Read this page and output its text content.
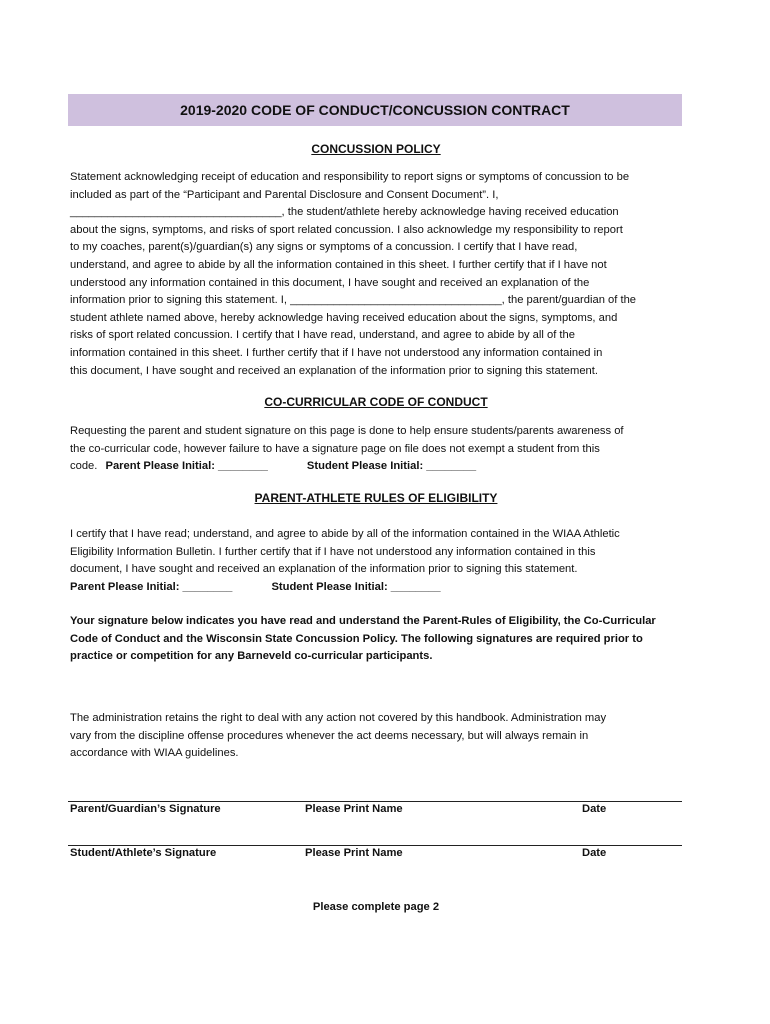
2019-2020 CODE OF CONDUCT/CONCUSSION CONTRACT
CONCUSSION POLICY
Statement acknowledging receipt of education and responsibility to report signs or symptoms of concussion to be
included as part of the “Participant and Parental Disclosure and Consent Document”. I,
__________________________________, the student/athlete hereby acknowledge having received education
about the signs, symptoms, and risks of sport related concussion. I also acknowledge my responsibility to report
to my coaches, parent(s)/guardian(s) any signs or symptoms of a concussion. I certify that I have read,
understand, and agree to abide by all the information contained in this sheet. I further certify that if I have not
understood any information contained in this document, I have sought and received an explanation of the
information prior to signing this statement. I, __________________________________, the parent/guardian of the
student athlete named above, hereby acknowledge having received education about the signs, symptoms, and
risks of sport related concussion. I certify that I have read, understand, and agree to abide by all of the
information contained in this sheet. I further certify that if I have not understood any information contained in
this document, I have sought and received an explanation of the information prior to signing this statement.
CO-CURRICULAR CODE OF CONDUCT
Requesting the parent and student signature on this page is done to help ensure students/parents awareness of
the co-curricular code, however failure to have a signature page on file does not exempt a student from this
code. Parent Please Initial: ________	Student Please Initial: ________
PARENT-ATHLETE RULES OF ELIGIBILITY
I certify that I have read; understand, and agree to abide by all of the information contained in the WIAA Athletic
Eligibility Information Bulletin. I further certify that if I have not understood any information contained in this
document, I have sought and received an explanation of the information prior to signing this statement.
Parent Please Initial: ________	Student Please Initial: ________
Your signature below indicates you have read and understand the Parent-Rules of Eligibility, the Co-Curricular
Code of Conduct and the Wisconsin State Concussion Policy. The following signatures are required prior to
practice or competition for any Barneveld co-curricular participants.
The administration retains the right to deal with any action not covered by this handbook. Administration may
vary from the discipline offense procedures whenever the act deems necessary, but will always remain in
accordance with WIAA guidelines.
Parent/Guardian’s Signature	Please Print Name	Date
Student/Athlete’s Signature	Please Print Name	Date
Please complete page 2
